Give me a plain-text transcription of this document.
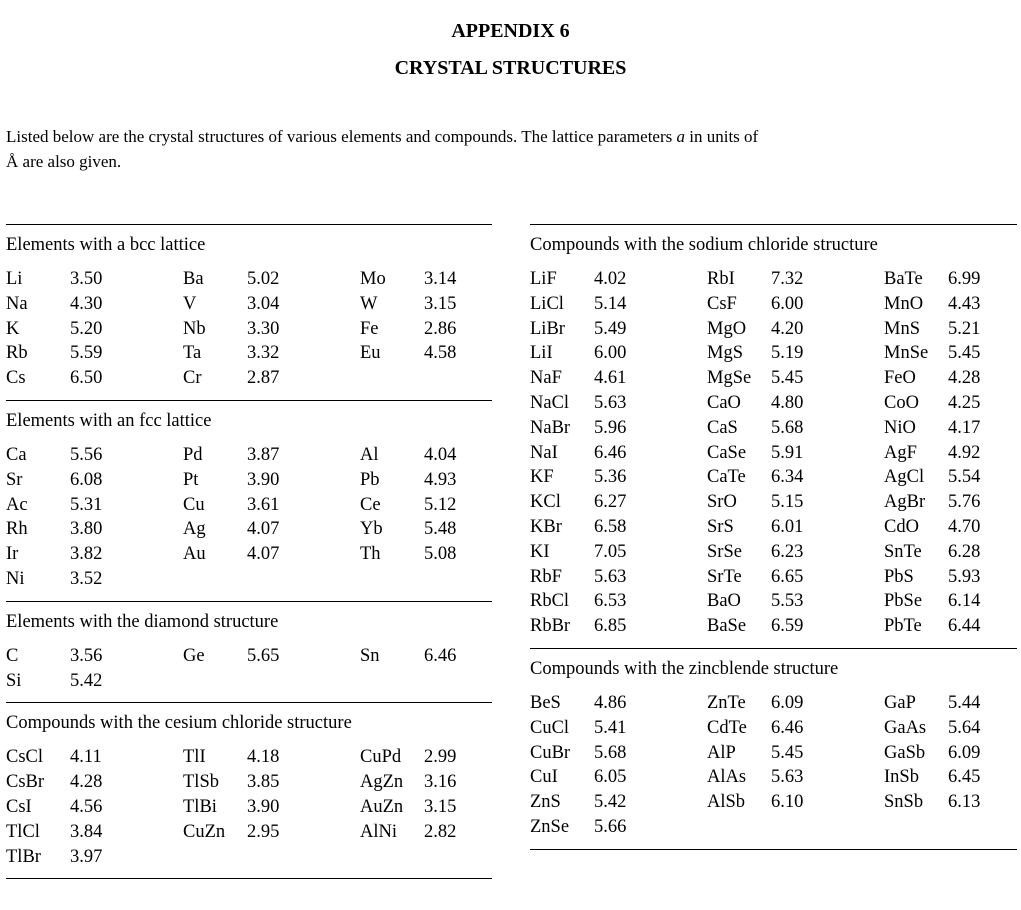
APPENDIX 6
CRYSTAL STRUCTURES
Listed below are the crystal structures of various elements and compounds. The lattice parameters a in units of
Å are also given.
Elements with a bcc lattice
Li	3.50	Ba	5.02	Mo	3.14
Na	4.30	V	3.04	W	3.15
K	5.20	Nb	3.30	Fe	2.86
Rb	5.59	Ta	3.32	Eu	4.58
Cs	6.50	Cr	2.87
Elements with an fcc lattice
Ca	5.56	Pd	3.87	Al	4.04
Sr	6.08	Pt	3.90	Pb	4.93
Ac	5.31	Cu	3.61	Ce	5.12
Rh	3.80	Ag	4.07	Yb	5.48
Ir	3.82	Au	4.07	Th	5.08
Ni	3.52
Elements with the diamond structure
C	3.56	Ge	5.65	Sn	6.46
Si	5.42
Compounds with the cesium chloride structure
CsCl	4.11	TlI	4.18	CuPd	2.99
CsBr	4.28	TlSb	3.85	AgZn	3.16
CsI	4.56	TlBi	3.90	AuZn	3.15
TlCl	3.84	CuZn	2.95	AlNi	2.82
TlBr	3.97
Compounds with the sodium chloride structure
LiF	4.02	RbI	7.32	BaTe	6.99
LiCl	5.14	CsF	6.00	MnO	4.43
LiBr	5.49	MgO	4.20	MnS	5.21
LiI	6.00	MgS	5.19	MnSe	5.45
NaF	4.61	MgSe	5.45	FeO	4.28
NaCl	5.63	CaO	4.80	CoO	4.25
NaBr	5.96	CaS	5.68	NiO	4.17
NaI	6.46	CaSe	5.91	AgF	4.92
KF	5.36	CaTe	6.34	AgCl	5.54
KCl	6.27	SrO	5.15	AgBr	5.76
KBr	6.58	SrS	6.01	CdO	4.70
KI	7.05	SrSe	6.23	SnTe	6.28
RbF	5.63	SrTe	6.65	PbS	5.93
RbCl	6.53	BaO	5.53	PbSe	6.14
RbBr	6.85	BaSe	6.59	PbTe	6.44
Compounds with the zincblende structure
BeS	4.86	ZnTe	6.09	GaP	5.44
CuCl	5.41	CdTe	6.46	GaAs	5.64
CuBr	5.68	AlP	5.45	GaSb	6.09
CuI	6.05	AlAs	5.63	InSb	6.45
ZnS	5.42	AlSb	6.10	SnSb	6.13
ZnSe	5.66
